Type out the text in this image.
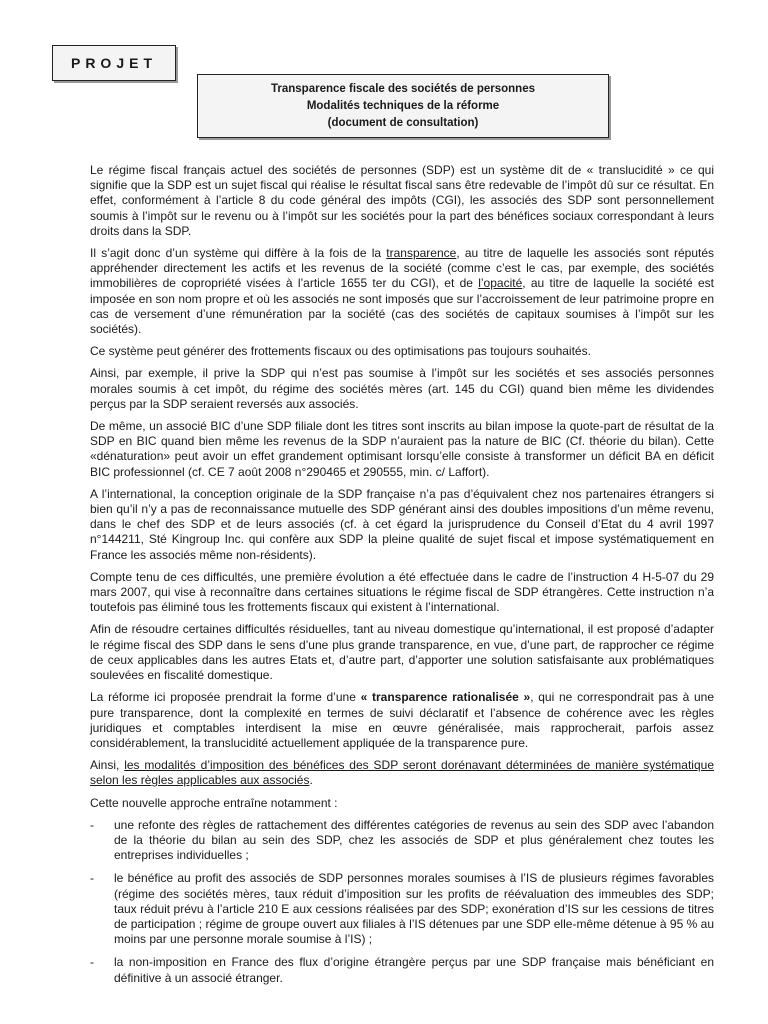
PROJET
Transparence fiscale des sociétés de personnes
Modalités techniques de la réforme
(document de consultation)

Le régime fiscal français actuel des sociétés de personnes (SDP) est un système dit de « translucidité » ce qui signifie que la SDP est un sujet fiscal qui réalise le résultat fiscal sans être redevable de l’impôt dû sur ce résultat. En effet, conformément à l’article 8 du code général des impôts (CGI), les associés des SDP sont personnellement soumis à l’impôt sur le revenu ou à l’impôt sur les sociétés pour la part des bénéfices sociaux correspondant à leurs droits dans la SDP.

Il s’agit donc d’un système qui diffère à la fois de la transparence, au titre de laquelle les associés sont réputés appréhender directement les actifs et les revenus de la société (comme c’est le cas, par exemple, des sociétés immobilières de copropriété visées à l’article 1655 ter du CGI), et de l’opacité, au titre de laquelle la société est imposée en son nom propre et où les associés ne sont imposés que sur l’accroissement de leur patrimoine propre en cas de versement d’une rémunération par la société (cas des sociétés de capitaux soumises à l’impôt sur les sociétés).

Ce système peut générer des frottements fiscaux ou des optimisations pas toujours souhaités.

Ainsi, par exemple, il prive la SDP qui n’est pas soumise à l’impôt sur les sociétés et ses associés personnes morales soumis à cet impôt, du régime des sociétés mères (art. 145 du CGI) quand bien même les dividendes perçus par la SDP seraient reversés aux associés.

De même, un associé BIC d’une SDP filiale dont les titres sont inscrits au bilan impose la quote-part de résultat de la SDP en BIC quand bien même les revenus de la SDP n’auraient pas la nature de BIC (Cf. théorie du bilan). Cette «dénaturation» peut avoir un effet grandement optimisant lorsqu’elle consiste à transformer un déficit BA en déficit BIC professionnel (cf. CE 7 août 2008 n°290465 et 290555, min. c/ Laffort).

A l’international, la conception originale de la SDP française n’a pas d’équivalent chez nos partenaires étrangers si bien qu’il n’y a pas de reconnaissance mutuelle des SDP générant ainsi des doubles impositions d’un même revenu, dans le chef des SDP et de leurs associés (cf. à cet égard la jurisprudence du Conseil d’Etat du 4 avril 1997 n°144211, Sté Kingroup Inc. qui confère aux SDP la pleine qualité de sujet fiscal et impose systématiquement en France les associés même non-résidents).

Compte tenu de ces difficultés, une première évolution a été effectuée dans le cadre de l’instruction 4 H-5-07 du 29 mars 2007, qui vise à reconnaître dans certaines situations le régime fiscal de SDP étrangères. Cette instruction n’a toutefois pas éliminé tous les frottements fiscaux qui existent à l’international.

Afin de résoudre certaines difficultés résiduelles, tant au niveau domestique qu’international, il est proposé d’adapter le régime fiscal des SDP dans le sens d’une plus grande transparence, en vue, d’une part, de rapprocher ce régime de ceux applicables dans les autres Etats et, d’autre part, d’apporter une solution satisfaisante aux problématiques soulevées en fiscalité domestique.

La réforme ici proposée prendrait la forme d’une « transparence rationalisée », qui ne correspondrait pas à une pure transparence, dont la complexité en termes de suivi déclaratif et l’absence de cohérence avec les règles juridiques et comptables interdisent la mise en œuvre généralisée, mais rapprocherait, parfois assez considérablement, la translucidité actuellement appliquée de la transparence pure.

Ainsi, les modalités d’imposition des bénéfices des SDP seront dorénavant déterminées de manière systématique selon les règles applicables aux associés.

Cette nouvelle approche entraîne notamment :

- une refonte des règles de rattachement des différentes catégories de revenus au sein des SDP avec l’abandon de la théorie du bilan au sein des SDP, chez les associés de SDP et plus généralement chez toutes les entreprises individuelles ;
- le bénéfice au profit des associés de SDP personnes morales soumises à l’IS de plusieurs régimes favorables (régime des sociétés mères, taux réduit d’imposition sur les profits de réévaluation des immeubles des SDP; taux réduit prévu à l’article 210 E aux cessions réalisées par des SDP; exonération d’IS sur les cessions de titres de participation ; régime de groupe ouvert aux filiales à l’IS détenues par une SDP elle-même détenue à 95 % au moins par une personne morale soumise à l’IS) ;
- la non-imposition en France des flux d’origine étrangère perçus par une SDP française mais bénéficiant en définitive à un associé étranger.
